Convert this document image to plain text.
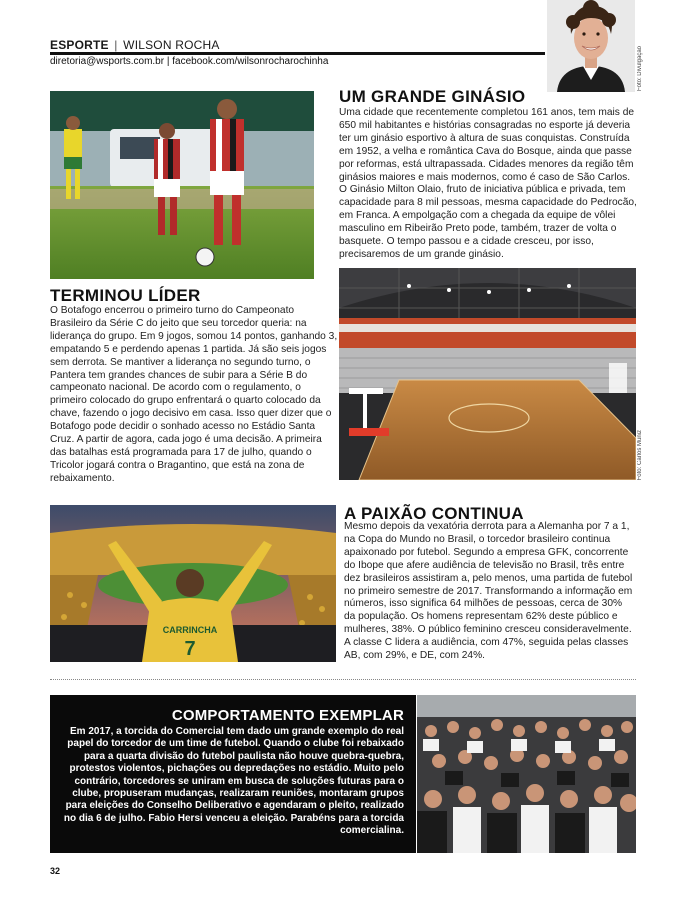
ESPORTE | WILSON ROCHA
diretoria@wsports.com.br | facebook.com/wilsonrocharochinha	Foto: Divulgação
UM GRANDE GINÁSIO
Uma cidade que recentemente completou 161 anos, tem mais de 650 mil habitantes e histórias consagradas no esporte já deveria ter um ginásio esportivo à altura de suas conquistas. Construída em 1952, a velha e romântica Cava do Bosque, ainda que passe por reformas, está ultrapassada. Cidades menores da região têm ginásios maiores e mais modernos, como é caso de São Carlos. O Ginásio Milton Olaio, fruto de iniciativa pública e privada, tem capacidade para 8 mil pessoas, mesma capacidade do Pedrocão, em Franca. A empolgação com a chegada da equipe de vôlei masculino em Ribeirão Preto pode, também, trazer de volta o basquete. O tempo passou e a cidade cresceu, por isso, precisaremos de um grande ginásio.
Foto: Carlos Muniz
TERMINOU LÍDER
O Botafogo encerrou o primeiro turno do Campeonato Brasileiro da Série C do jeito que seu torcedor queria: na liderança do grupo. Em 9 jogos, somou 14 pontos, ganhando 3, empatando 5 e perdendo apenas 1 partida. Já são seis jogos sem derrota. Se mantiver a liderança no segundo turno, o Pantera tem grandes chances de subir para a Série B do campeonato nacional. De acordo com o regulamento, o primeiro colocado do grupo enfrentará o quarto colocado da chave, fazendo o jogo decisivo em casa. Isso quer dizer que o Botafogo pode decidir o sonhado acesso no Estádio Santa Cruz. A partir de agora, cada jogo é uma decisão. A primeira das batalhas está programada para 17 de julho, quando o Tricolor jogará contra o Bragantino, que está na zona de rebaixamento.
CARRINCHA
7
A PAIXÃO CONTINUA
Mesmo depois da vexatória derrota para a Alemanha por 7 a 1, na Copa do Mundo no Brasil, o torcedor brasileiro continua apaixonado por futebol. Segundo a empresa GFK, concorrente do Ibope que afere audiência de televisão no Brasil, três entre dez brasileiros assistiram a, pelo menos, uma partida de futebol no primeiro semestre de 2017. Transformando a informação em números, isso significa 64 milhões de pessoas, cerca de 30% da população. Os homens representam 62% deste público e mulheres, 38%. O público feminino cresceu consideravelmente. A classe C lidera a audiência, com 47%, seguida pelas classes AB, com 29%, e DE, com 24%.
COMPORTAMENTO EXEMPLAR
Em 2017, a torcida do Comercial tem dado um grande exemplo do real papel do torcedor de um time de futebol. Quando o clube foi rebaixado para a quarta divisão do futebol paulista não houve quebra-quebra, protestos violentos, pichações ou depredações no estádio. Muito pelo contrário, torcedores se uniram em busca de soluções futuras para o clube, propuseram mudanças, realizaram reuniões, montaram grupos para eleições do Conselho Deliberativo e agendaram o pleito, realizado no dia 6 de julho. Fabio Hersi venceu a eleição. Parabéns para a torcida comercialina.
32
